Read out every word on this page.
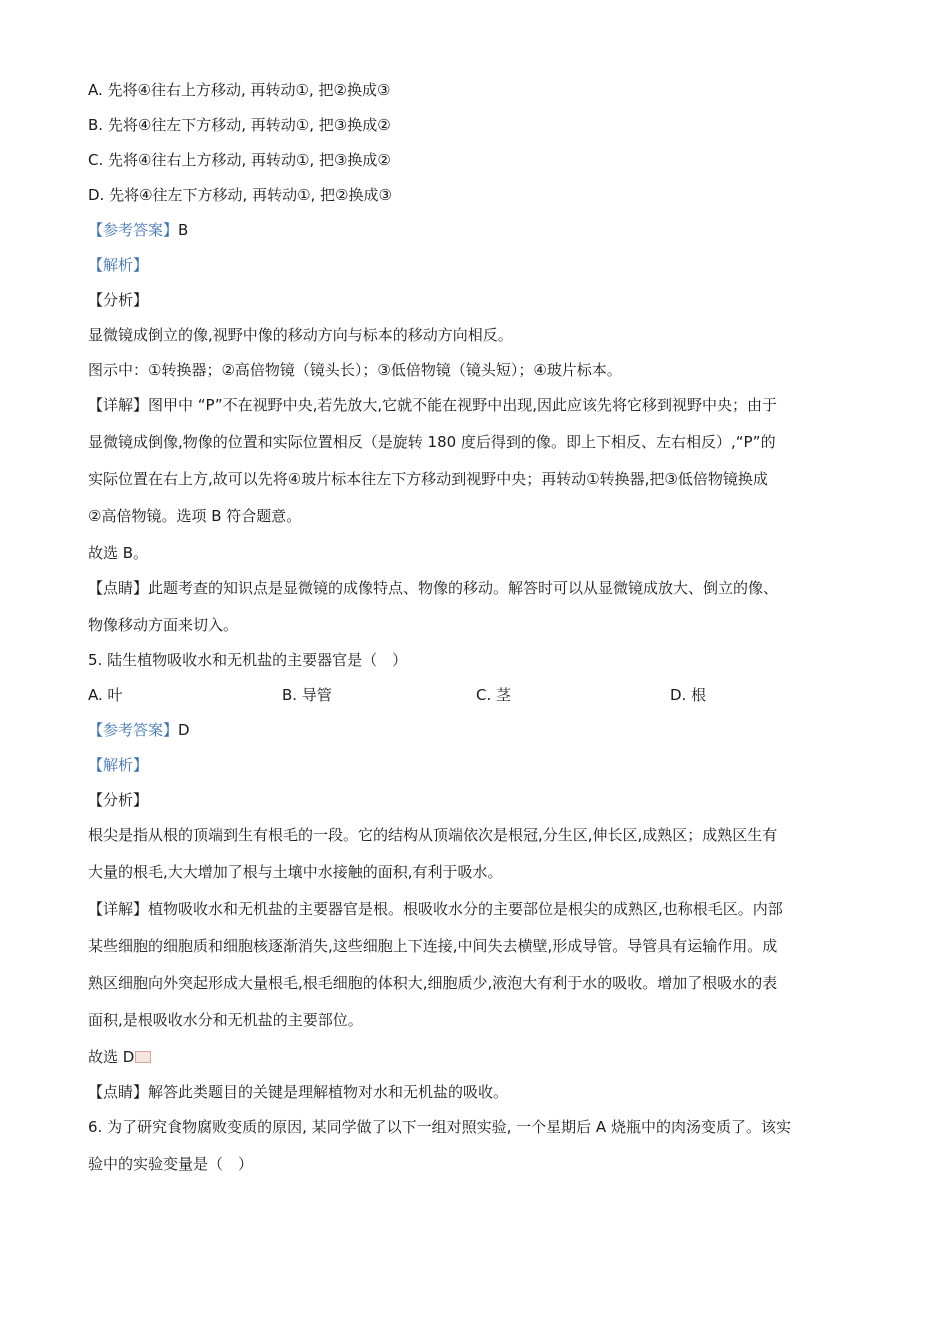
A. 先将④往右上方移动, 再转动①, 把②换成③

B. 先将④往左下方移动, 再转动①, 把③换成②

C. 先将④往右上方移动, 再转动①, 把③换成②

D. 先将④往左下方移动, 再转动①, 把②换成③

【参考答案】B

【解析】

【分析】

显微镜成倒立的像,视野中像的移动方向与标本的移动方向相反。

图示中：①转换器；②高倍物镜（镜头长）；③低倍物镜（镜头短）；④玻片标本。

【详解】图甲中 “P”不在视野中央,若先放大,它就不能在视野中出现,因此应该先将它移到视野中央；由于

显微镜成倒像,物像的位置和实际位置相反（是旋转 180 度后得到的像。即上下相反、左右相反）,“P”的

实际位置在右上方,故可以先将④玻片标本往左下方移动到视野中央；再转动①转换器,把③低倍物镜换成

②高倍物镜。选项 B 符合题意。

故选 B。

【点睛】此题考查的知识点是显微镜的成像特点、物像的移动。解答时可以从显微镜成放大、倒立的像、

物像移动方面来切入。

5. 陆生植物吸收水和无机盐的主要器官是（　）

A. 叶	B. 导管	C. 茎	D. 根

【参考答案】D

【解析】

【分析】

根尖是指从根的顶端到生有根毛的一段。它的结构从顶端依次是根冠,分生区,伸长区,成熟区；成熟区生有

大量的根毛,大大增加了根与土壤中水接触的面积,有利于吸水。

【详解】植物吸收水和无机盐的主要器官是根。根吸收水分的主要部位是根尖的成熟区,也称根毛区。内部

某些细胞的细胞质和细胞核逐渐消失,这些细胞上下连接,中间失去横壁,形成导管。导管具有运输作用。成

熟区细胞向外突起形成大量根毛,根毛细胞的体积大,细胞质少,液泡大有利于水的吸收。增加了根吸水的表

面积,是根吸收水分和无机盐的主要部位。

故选 D

【点睛】解答此类题目的关键是理解植物对水和无机盐的吸收。

6. 为了研究食物腐败变质的原因, 某同学做了以下一组对照实验, 一个星期后 A 烧瓶中的肉汤变质了。该实

验中的实验变量是（　）
